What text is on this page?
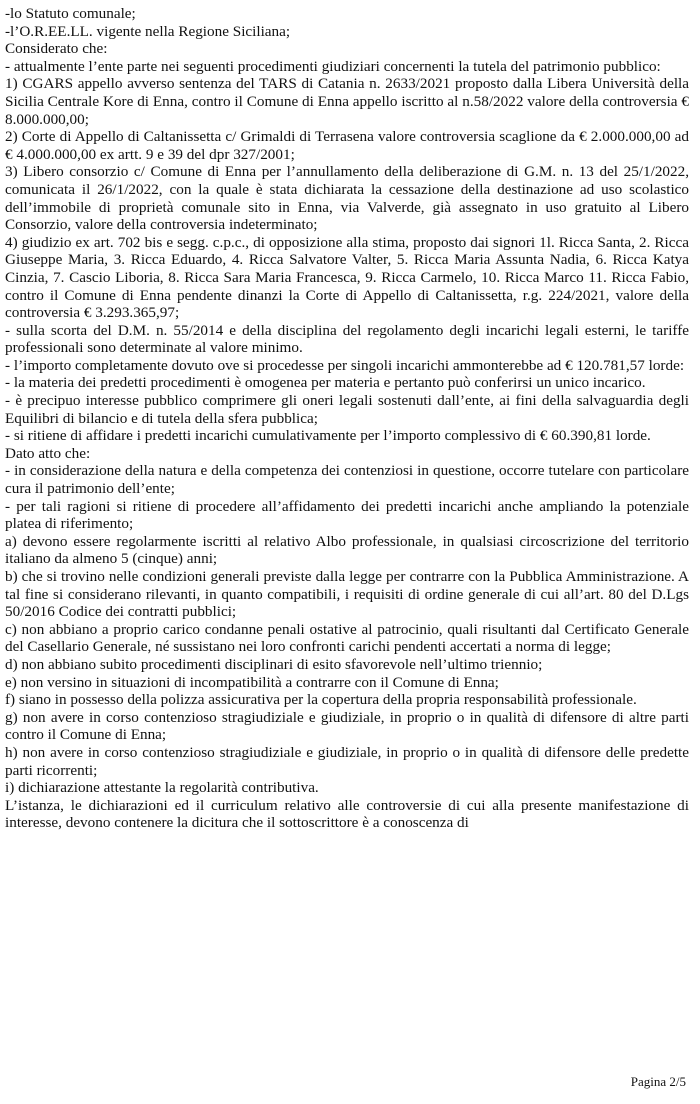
-lo Statuto comunale;

-l’O.R.EE.LL. vigente nella Regione Siciliana;

Considerato che:

- attualmente l’ente parte nei seguenti procedimenti giudiziari concernenti la tutela del patrimonio pubblico:

1) CGARS appello avverso sentenza del TARS di Catania n. 2633/2021 proposto dalla Libera Università della Sicilia Centrale Kore di Enna, contro il Comune di Enna appello iscritto al n.58/2022 valore della controversia € 8.000.000,00;

2) Corte di Appello di Caltanissetta c/ Grimaldi di Terrasena valore controversia scaglione da € 2.000.000,00 ad € 4.000.000,00 ex artt. 9 e 39 del dpr 327/2001;

3) Libero consorzio c/ Comune di Enna per l’annullamento della deliberazione di G.M. n. 13 del 25/1/2022, comunicata il 26/1/2022, con la quale è stata dichiarata la cessazione della destinazione ad uso scolastico dell’immobile di proprietà comunale sito in Enna, via Valverde, già assegnato in uso gratuito al Libero Consorzio, valore della controversia indeterminato;

4) giudizio ex art. 702 bis e segg. c.p.c., di opposizione alla stima, proposto dai signori 1l. Ricca Santa, 2. Ricca Giuseppe Maria, 3. Ricca Eduardo, 4. Ricca Salvatore Valter, 5. Ricca Maria Assunta Nadia, 6. Ricca Katya Cinzia, 7. Cascio Liboria, 8. Ricca Sara Maria Francesca, 9. Ricca Carmelo, 10. Ricca Marco 11. Ricca Fabio, contro il Comune di Enna pendente dinanzi la Corte di Appello di Caltanissetta, r.g. 224/2021, valore della controversia € 3.293.365,97;

- sulla scorta del D.M. n. 55/2014 e della disciplina del regolamento degli incarichi legali esterni, le tariffe professionali sono determinate al valore minimo.

- l’importo completamente dovuto ove si procedesse per singoli incarichi ammonterebbe ad € 120.781,57 lorde:

- la materia dei predetti procedimenti è omogenea per materia e pertanto può conferirsi un unico incarico.

- è precipuo interesse pubblico comprimere gli oneri legali sostenuti dall’ente, ai fini della salvaguardia degli Equilibri di bilancio e di tutela della sfera pubblica;

- si ritiene di affidare i predetti incarichi cumulativamente per l’importo complessivo di € 60.390,81 lorde.

Dato atto che:

- in considerazione della natura e della competenza dei contenziosi in questione, occorre tutelare con particolare cura il patrimonio dell’ente;

- per tali ragioni si ritiene di procedere all’affidamento dei predetti incarichi anche ampliando la potenziale platea di riferimento;

a) devono essere regolarmente iscritti al relativo Albo professionale, in qualsiasi circoscrizione del territorio italiano da almeno 5 (cinque) anni;

b) che si trovino nelle condizioni generali previste dalla legge per contrarre con la Pubblica Amministrazione. A tal fine si considerano rilevanti, in quanto compatibili, i requisiti di ordine generale di cui all’art. 80 del D.Lgs 50/2016 Codice dei contratti pubblici;

c) non abbiano a proprio carico condanne penali ostative al patrocinio, quali risultanti dal Certificato Generale del Casellario Generale, né sussistano nei loro confronti carichi pendenti accertati a norma di legge;

d) non abbiano subito procedimenti disciplinari di esito sfavorevole nell’ultimo triennio;

e) non versino in situazioni di incompatibilità a contrarre con il Comune di Enna;

f) siano in possesso della polizza assicurativa per la copertura della propria responsabilità professionale.

g) non avere in corso contenzioso stragiudiziale e giudiziale, in proprio o in qualità di difensore di altre parti contro il Comune di Enna;

h) non avere in corso contenzioso stragiudiziale e giudiziale, in proprio o in qualità di difensore delle predette parti ricorrenti;

i) dichiarazione attestante la regolarità contributiva.

L’istanza, le dichiarazioni ed il curriculum relativo alle controversie di cui alla presente manifestazione di interesse, devono contenere la dicitura che il sottoscrittore è a conoscenza di

Pagina 2/5
